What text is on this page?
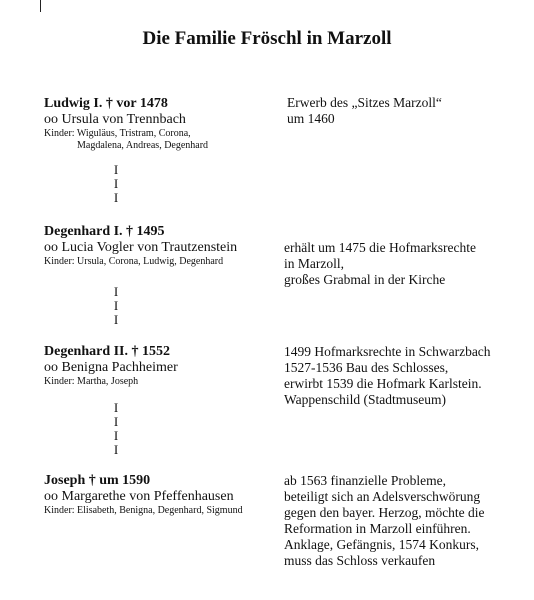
Die Familie Fröschl in Marzoll
Ludwig I. † vor 1478
oo Ursula von Trennbach
Kinder: Wiguläus, Tristram, Corona,
Magdalena, Andreas, Degenhard
Erwerb des „Sitzes Marzoll“
um 1460
I
I
I
Degenhard I. † 1495
oo Lucia Vogler von Trautzenstein
Kinder: Ursula, Corona, Ludwig, Degenhard
erhält um 1475 die Hofmarksrechte
in Marzoll,
großes Grabmal in der Kirche
I
I
I
Degenhard II. † 1552
oo Benigna Pachheimer
Kinder: Martha, Joseph
1499 Hofmarksrechte in Schwarzbach
1527-1536 Bau des Schlosses,
erwirbt 1539 die Hofmark Karlstein.
Wappenschild (Stadtmuseum)
I
I
I
I
Joseph † um 1590
oo Margarethe von Pfeffenhausen
Kinder: Elisabeth, Benigna, Degenhard, Sigmund
ab 1563 finanzielle Probleme,
beteiligt sich an Adelsverschwörung
gegen den bayer. Herzog, möchte die
Reformation in Marzoll einführen.
Anklage, Gefängnis, 1574 Konkurs,
muss das Schloss verkaufen
